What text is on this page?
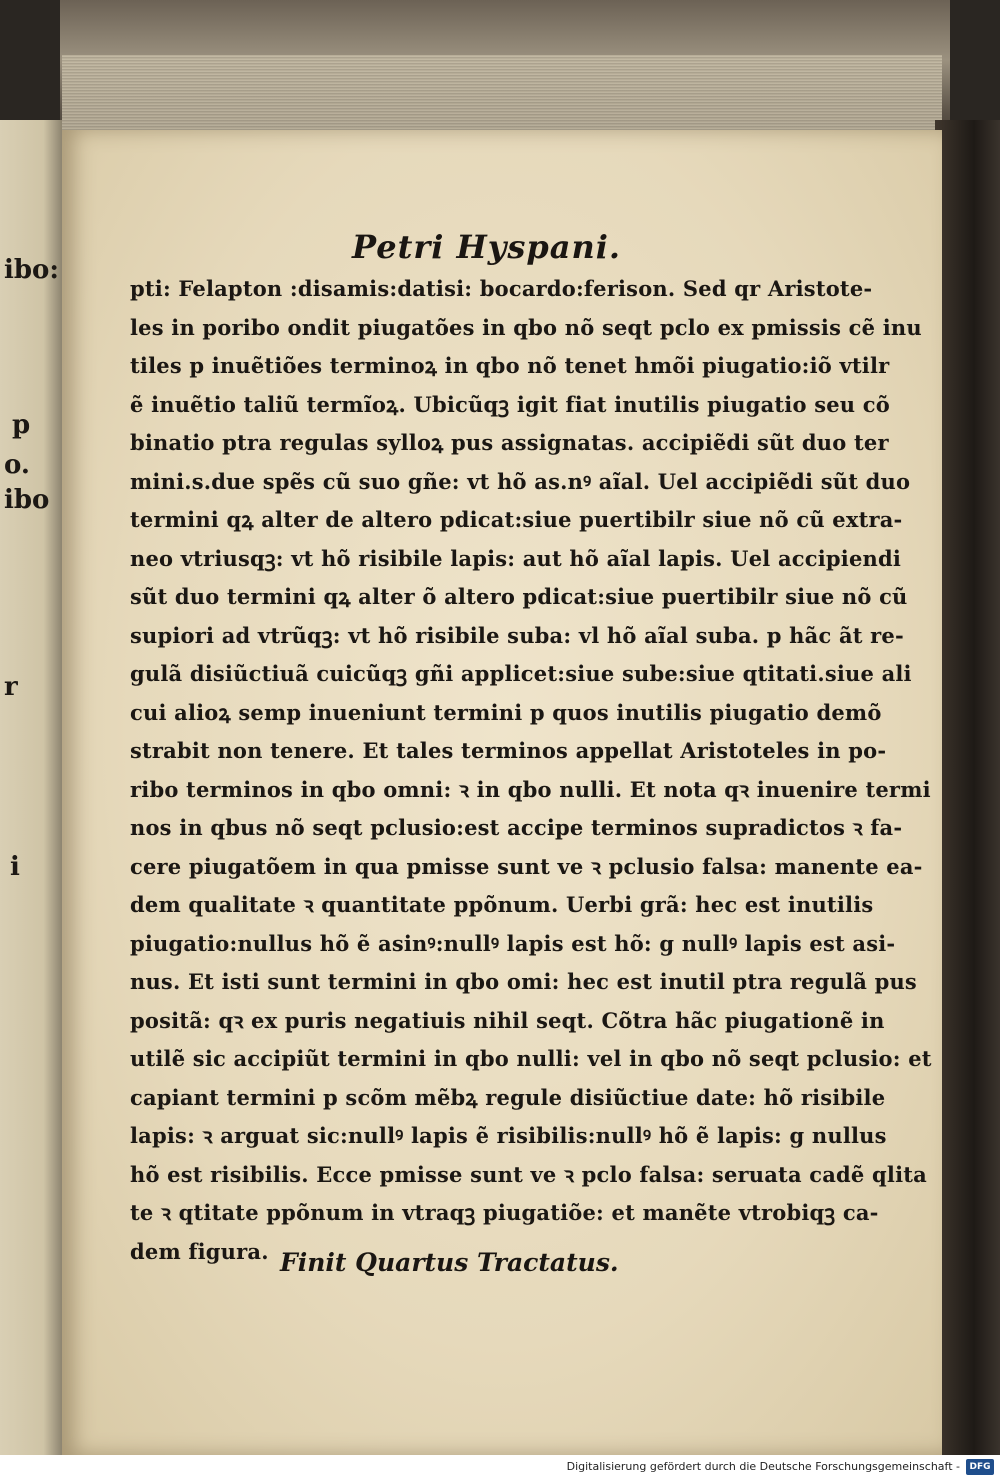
ibo:
p
o.
ibo
r
i
Petri Hyspani.
pti: Felapton :disamis:datisi: bocardo:ferison. Sed qr Aristote-
les in poribo ondit piugatões in qbo nõ seqt pclo ex pmissis cẽ inu
tiles p inuẽtiões terminoꝝ in qbo nõ tenet hmõi piugatio:iõ vtilr
ẽ inuẽtio taliũ termĩoꝝ. Ubicũqꝫ igit fiat inutilis piugatio seu cõ
binatio ptra regulas sylloꝝ pus assignatas. accipiẽdi sũt duo ter
mini.s.due spẽs cũ suo gñe: vt hõ as.nꝰ aĩal. Uel accipiẽdi sũt duo
termini qꝝ alter de altero pdicat:siue puertibilr siue nõ cũ extra-
neo vtriusqꝫ: vt hõ risibile lapis: aut hõ aĩal lapis. Uel accipiendi
sũt duo termini qꝝ alter õ altero pdicat:siue puertibilr siue nõ cũ
supiori ad vtrũqꝫ: vt hõ risibile suba: vl hõ aĩal suba. p hãc ãt re-
gulã disiũctiuã cuicũqꝫ gñi applicet:siue sube:siue qtitati.siue ali
cui alioꝝ semp inueniunt termini p quos inutilis piugatio demõ
strabit non tenere. Et tales terminos appellat Aristoteles in po-
ribo terminos in qbo omni: ꝛ in qbo nulli. Et nota qꝛ inuenire termi
nos in qbus nõ seqt pclusio:est accipe terminos supradictos ꝛ fa-
cere piugatõem in qua pmisse sunt ve ꝛ pclusio falsa: manente ea-
dem qualitate ꝛ quantitate ppõnum. Uerbi grã: hec est inutilis
piugatio:nullus hõ ẽ asinꝰ:nullꝰ lapis est hõ: g nullꝰ lapis est asi-
nus. Et isti sunt termini in qbo omi: hec est inutil ptra regulã pus
positã: qꝛ ex puris negatiuis nihil seqt. Cõtra hãc piugationẽ in
utilẽ sic accipiũt termini in qbo nulli: vel in qbo nõ seqt pclusio: et
capiant termini p scõm mẽbꝝ regule disiũctiue date: hõ risibile
lapis: ꝛ arguat sic:nullꝰ lapis ẽ risibilis:nullꝰ hõ ẽ lapis: g nullus
hõ est risibilis. Ecce pmisse sunt ve ꝛ pclo falsa: seruata cadẽ qlita
te ꝛ qtitate ppõnum in vtraqꝫ piugatiõe: et manẽte vtrobiqꝫ ca-
dem figura. Finit Quartus Tractatus.
Digitalisierung gefördert durch die Deutsche Forschungsgemeinschaft -	DFG
